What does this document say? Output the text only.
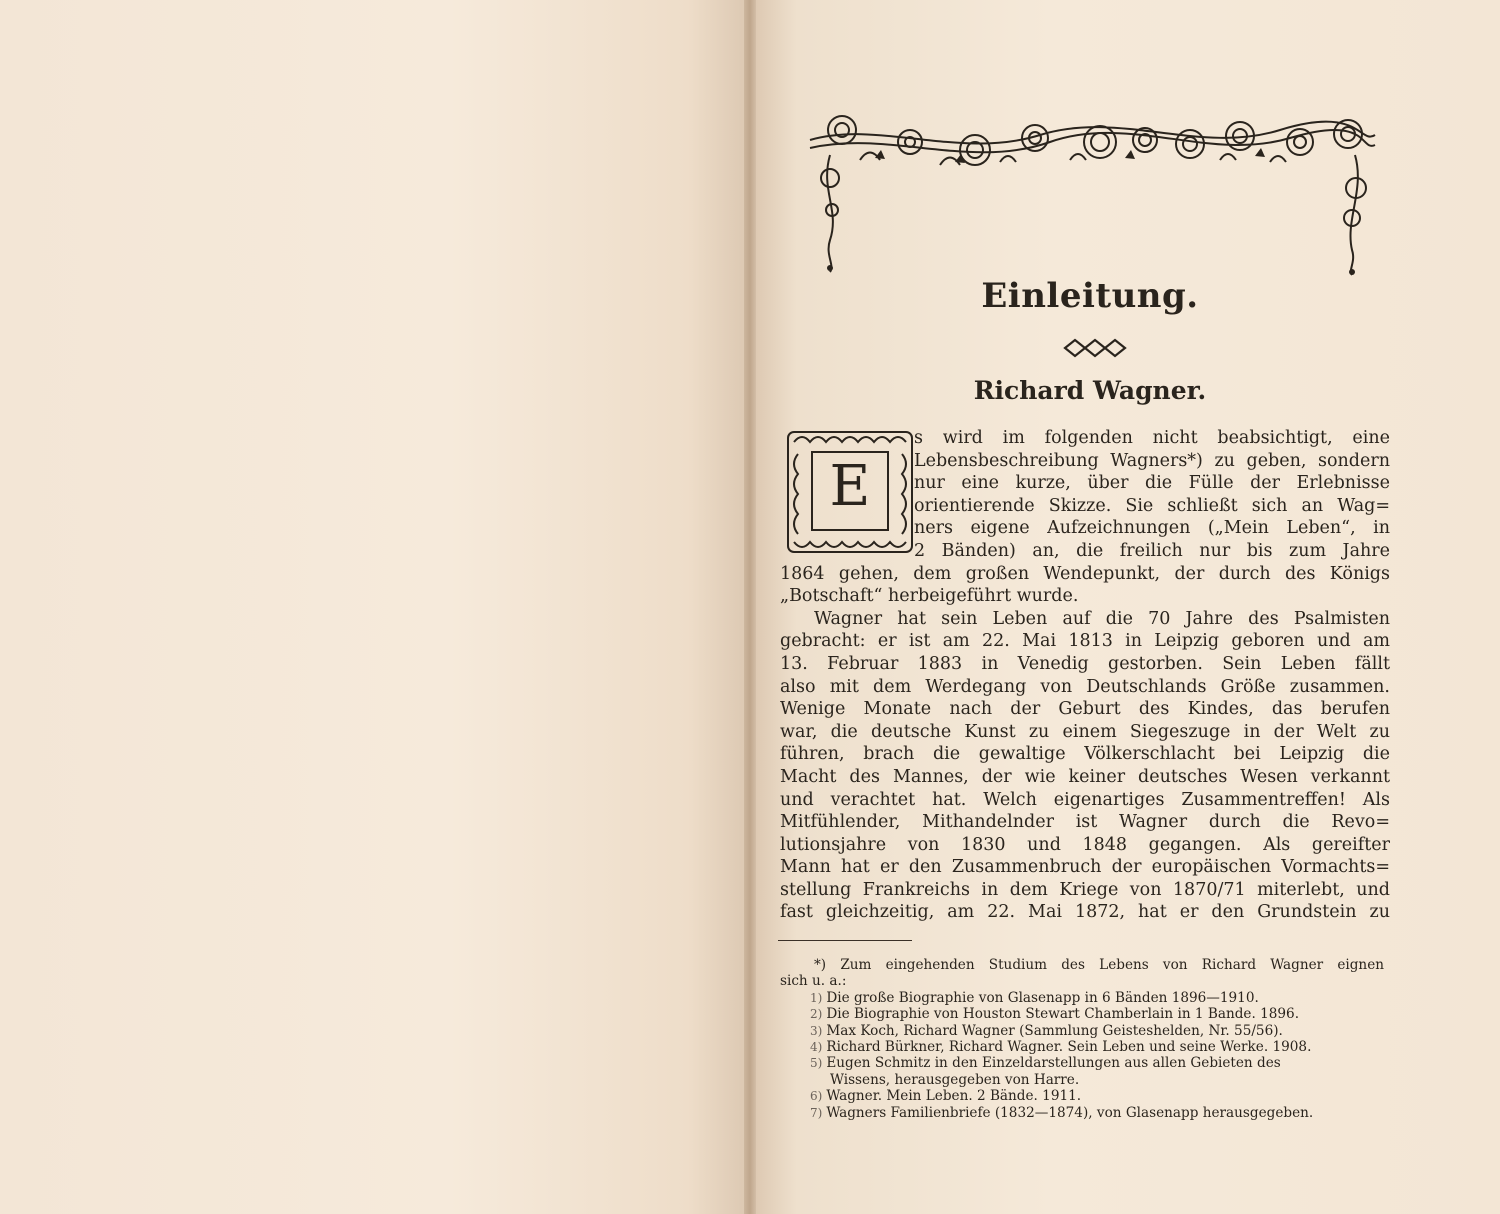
Einleitung.
Richard Wagner.
E
s wird im folgenden nicht beabsichtigt, eine
Lebensbeschreibung Wagners*) zu geben, sondern
nur eine kurze, über die Fülle der Erlebnisse
orientierende Skizze. Sie schließt sich an Wag=
ners eigene Aufzeichnungen („Mein Leben“, in
2 Bänden) an, die freilich nur bis zum Jahre
1864 gehen, dem großen Wendepunkt, der durch des Königs
„Botschaft“ herbeigeführt wurde.
Wagner hat sein Leben auf die 70 Jahre des Psalmisten
gebracht: er ist am 22. Mai 1813 in Leipzig geboren und am
13. Februar 1883 in Venedig gestorben. Sein Leben fällt
also mit dem Werdegang von Deutschlands Größe zusammen.
Wenige Monate nach der Geburt des Kindes, das berufen
war, die deutsche Kunst zu einem Siegeszuge in der Welt zu
führen, brach die gewaltige Völkerschlacht bei Leipzig die
Macht des Mannes, der wie keiner deutsches Wesen verkannt
und verachtet hat. Welch eigenartiges Zusammentreffen! Als
Mitfühlender, Mithandelnder ist Wagner durch die Revo=
lutionsjahre von 1830 und 1848 gegangen. Als gereifter
Mann hat er den Zusammenbruch der europäischen Vormachts=
stellung Frankreichs in dem Kriege von 1870/71 miterlebt, und
fast gleichzeitig, am 22. Mai 1872, hat er den Grundstein zu
*) Zum eingehenden Studium des Lebens von Richard Wagner eignen
sich u. a.:
1) Die große Biographie von Glasenapp in 6 Bänden 1896—1910.
2) Die Biographie von Houston Stewart Chamberlain in 1 Bande. 1896.
3) Max Koch, Richard Wagner (Sammlung Geisteshelden, Nr. 55/56).
4) Richard Bürkner, Richard Wagner. Sein Leben und seine Werke. 1908.
5) Eugen Schmitz in den Einzeldarstellungen aus allen Gebieten des
Wissens, herausgegeben von Harre.
6) Wagner. Mein Leben. 2 Bände. 1911.
7) Wagners Familienbriefe (1832—1874), von Glasenapp herausgegeben.
